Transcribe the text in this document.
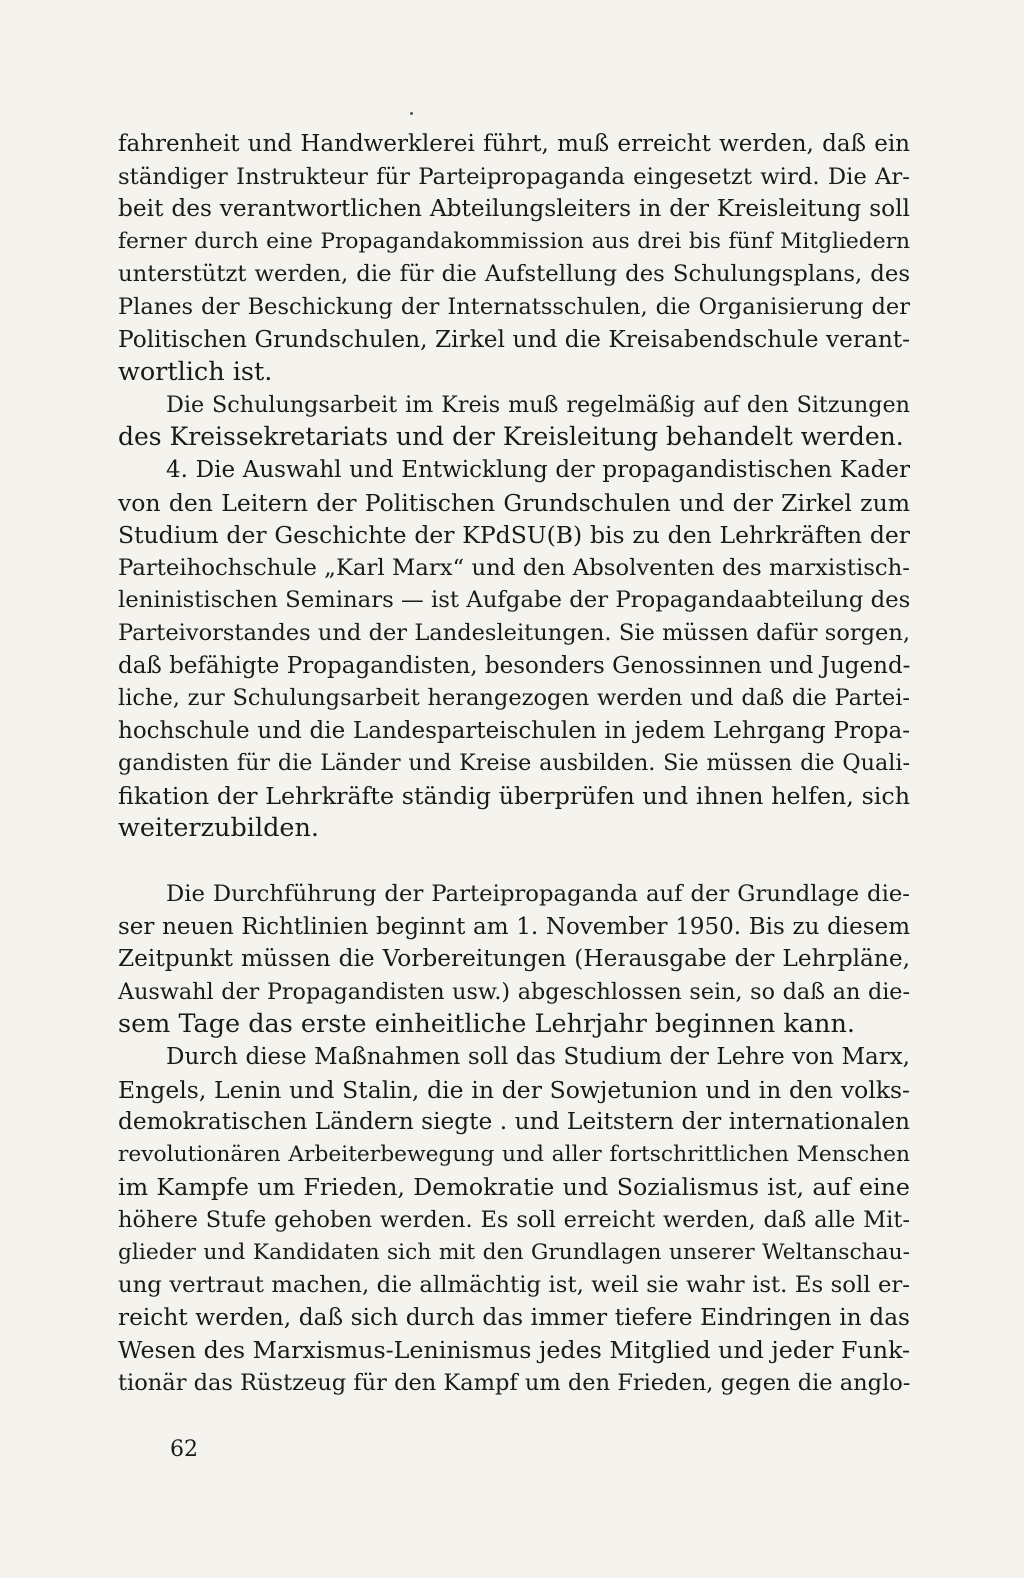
fahrenheit und Handwerklerei führt, muß erreicht werden, daß ein
ständiger Instrukteur für Parteipropaganda eingesetzt wird. Die Ar-
beit des verantwortlichen Abteilungsleiters in der Kreisleitung soll
ferner durch eine Propagandakommission aus drei bis fünf Mitgliedern
unterstützt werden, die für die Aufstellung des Schulungsplans, des
Planes der Beschickung der Internatsschulen, die Organisierung der
Politischen Grundschulen, Zirkel und die Kreisabendschule verant-
wortlich ist.
Die Schulungsarbeit im Kreis muß regelmäßig auf den Sitzungen
des Kreissekretariats und der Kreisleitung behandelt werden.
4. Die Auswahl und Entwicklung der propagandistischen Kader
von den Leitern der Politischen Grundschulen und der Zirkel zum
Studium der Geschichte der KPdSU(B) bis zu den Lehrkräften der
Parteihochschule „Karl Marx“ und den Absolventen des marxistisch-
leninistischen Seminars — ist Aufgabe der Propagandaabteilung des
Parteivorstandes und der Landesleitungen. Sie müssen dafür sorgen,
daß befähigte Propagandisten, besonders Genossinnen und Jugend-
liche, zur Schulungsarbeit herangezogen werden und daß die Partei-
hochschule und die Landesparteischulen in jedem Lehrgang Propa-
gandisten für die Länder und Kreise ausbilden. Sie müssen die Quali-
fikation der Lehrkräfte ständig überprüfen und ihnen helfen, sich
weiterzubilden.
Die Durchführung der Parteipropaganda auf der Grundlage die-
ser neuen Richtlinien beginnt am 1. November 1950. Bis zu diesem
Zeitpunkt müssen die Vorbereitungen (Herausgabe der Lehrpläne,
Auswahl der Propagandisten usw.) abgeschlossen sein, so daß an die-
sem Tage das erste einheitliche Lehrjahr beginnen kann.
Durch diese Maßnahmen soll das Studium der Lehre von Marx,
Engels, Lenin und Stalin, die in der Sowjetunion und in den volks-
demokratischen Ländern siegte . und Leitstern der internationalen
revolutionären Arbeiterbewegung und aller fortschrittlichen Menschen
im Kampfe um Frieden, Demokratie und Sozialismus ist, auf eine
höhere Stufe gehoben werden. Es soll erreicht werden, daß alle Mit-
glieder und Kandidaten sich mit den Grundlagen unserer Weltanschau-
ung vertraut machen, die allmächtig ist, weil sie wahr ist. Es soll er-
reicht werden, daß sich durch das immer tiefere Eindringen in das
Wesen des Marxismus-Leninismus jedes Mitglied und jeder Funk-
tionär das Rüstzeug für den Kampf um den Frieden, gegen die anglo-
62
